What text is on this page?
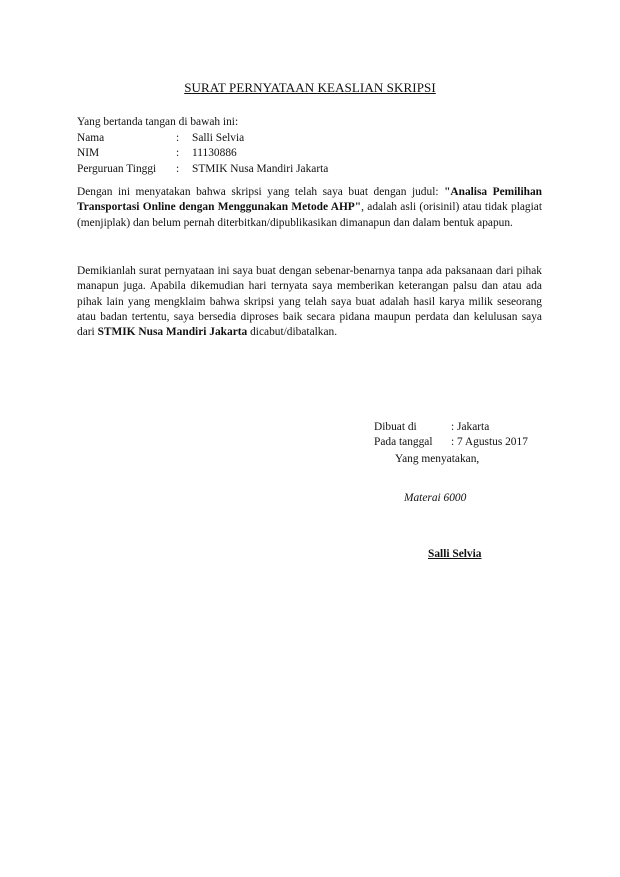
SURAT PERNYATAAN KEASLIAN SKRIPSI
Yang bertanda tangan di bawah ini:
Nama	:	Salli Selvia
NIM	:	11130886
Perguruan Tinggi	:	STMIK Nusa Mandiri Jakarta

Dengan ini menyatakan bahwa skripsi yang telah saya buat dengan judul: "Analisa Pemilihan Transportasi Online dengan Menggunakan Metode AHP", adalah asli (orisinil) atau tidak plagiat (menjiplak) dan belum pernah diterbitkan/dipublikasikan dimanapun dan dalam bentuk apapun.

Demikianlah surat pernyataan ini saya buat dengan sebenar-benarnya tanpa ada paksanaan dari pihak manapun juga. Apabila dikemudian hari ternyata saya memberikan keterangan palsu dan atau ada pihak lain yang mengklaim bahwa skripsi yang telah saya buat adalah hasil karya milik seseorang atau badan tertentu, saya bersedia diproses baik secara pidana maupun perdata dan kelulusan saya dari STMIK Nusa Mandiri Jakarta dicabut/dibatalkan.

Dibuat di	: Jakarta
Pada tanggal	: 7 Agustus 2017
Yang menyatakan,
Materai 6000
Salli Selvia
